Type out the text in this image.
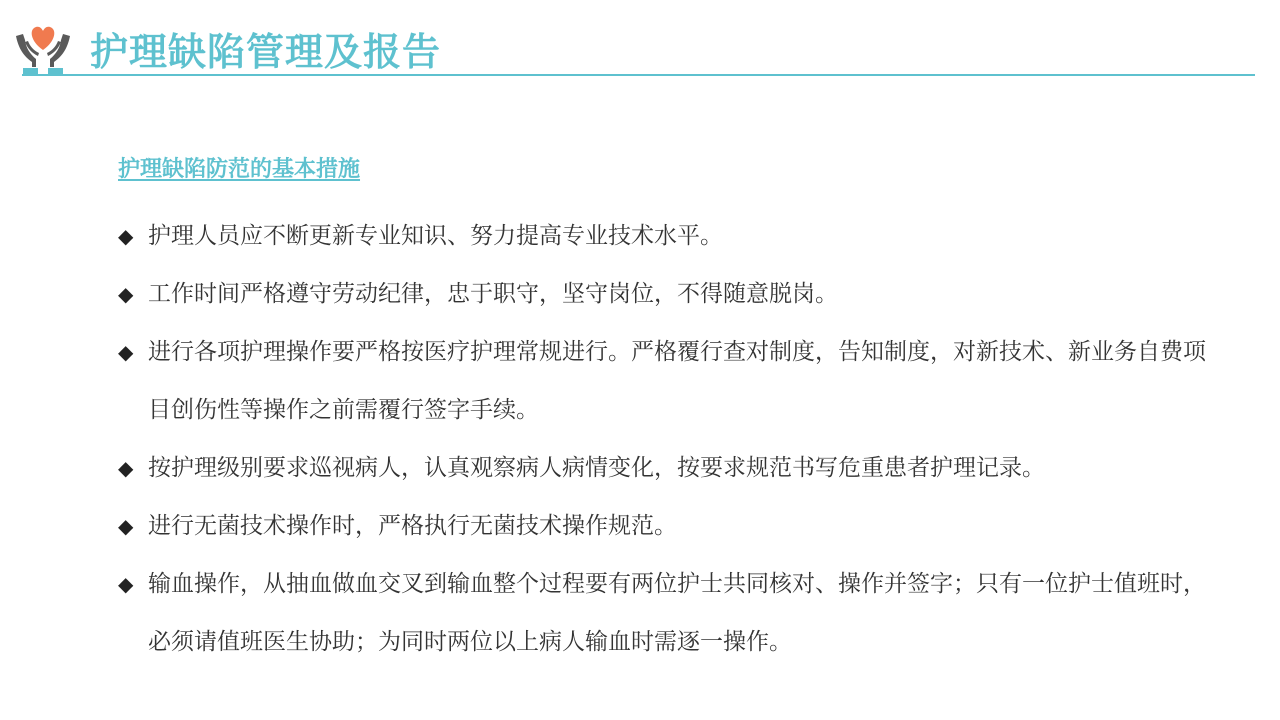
护理缺陷管理及报告
护理缺陷防范的基本措施
◆ 护理人员应不断更新专业知识、努力提高专业技术水平。
◆ 工作时间严格遵守劳动纪律，忠于职守，坚守岗位，不得随意脱岗。
◆ 进行各项护理操作要严格按医疗护理常规进行。严格覆行查对制度，告知制度，对新技术、新业务自费项目创伤性等操作之前需覆行签字手续。
◆ 按护理级别要求巡视病人，认真观察病人病情变化，按要求规范书写危重患者护理记录。
◆ 进行无菌技术操作时，严格执行无菌技术操作规范。
◆ 输血操作，从抽血做血交叉到输血整个过程要有两位护士共同核对、操作并签字；只有一位护士值班时，必须请值班医生协助；为同时两位以上病人输血时需逐一操作。
